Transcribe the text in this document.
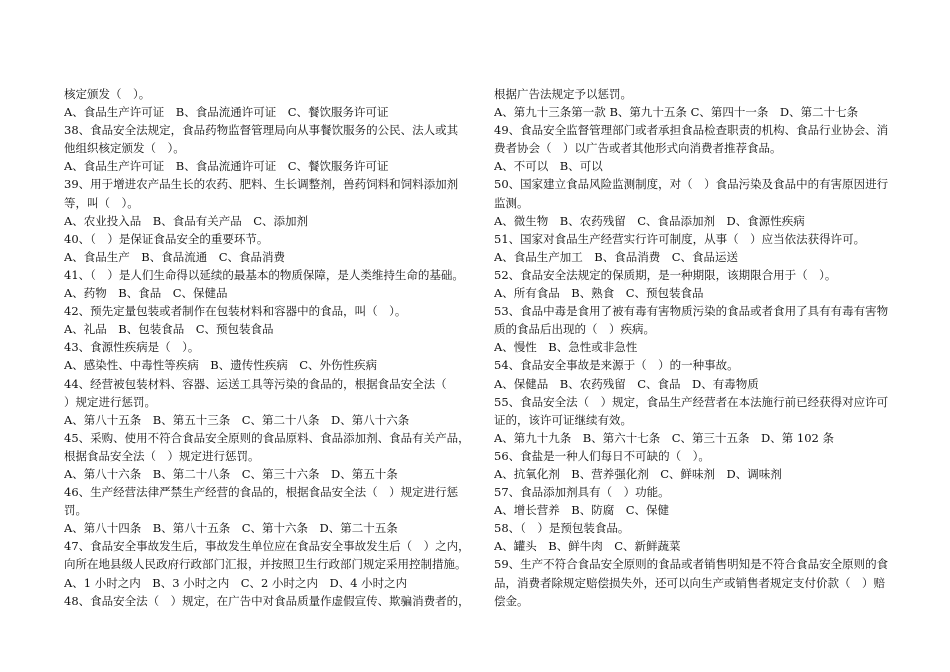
核定颁发（　）。
A、食品生产许可证　B、食品流通许可证　C、餐饮服务许可证
38、食品安全法规定，食品药物监督管理局向从事餐饮服务的公民、法人或其
他组织核定颁发（　）。
A、食品生产许可证　B、食品流通许可证　C、餐饮服务许可证
39、用于增进农产品生长的农药、肥料、生长调整剂，兽药饲料和饲料添加剂
等，叫（　）。
A、农业投入品　B、食品有关产品　C、添加剂
40、（　）是保证食品安全的重要环节。
A、食品生产　B、食品流通　C、食品消费
41、（　）是人们生命得以延续的最基本的物质保障，是人类维持生命的基础。
A、药物　B、食品　C、保健品
42、预先定量包装或者制作在包装材料和容器中的食品，叫（　）。
A、礼品　B、包装食品　C、预包装食品
43、食源性疾病是（　）。
A、感染性、中毒性等疾病　B、遗传性疾病　C、外伤性疾病
44、经营被包装材料、容器、运送工具等污染的食品的，根据食品安全法（
）规定进行惩罚。
A、第八十五条　B、第五十三条　C、第二十八条　D、第八十六条
45、采购、使用不符合食品安全原则的食品原料、食品添加剂、食品有关产品，
根据食品安全法（　）规定进行惩罚。
A、第八十六条　B、第二十八条　C、第三十六条　D、第五十条
46、生产经营法律严禁生产经营的食品的，根据食品安全法（　）规定进行惩
罚。
A、第八十四条　B、第八十五条　C、第十六条　D、第二十五条
47、食品安全事故发生后，事故发生单位应在食品安全事故发生后（　）之内，
向所在地县级人民政府行政部门汇报，并按照卫生行政部门规定采用控制措施。
A、1 小时之内　B、3 小时之内　C、2 小时之内　D、4 小时之内
48、食品安全法（　）规定，在广告中对食品质量作虚假宣传、欺骗消费者的，
根据广告法规定予以惩罚。
A、第九十三条第一款 B、第九十五条 C、第四十一条　D、第二十七条
49、食品安全监督管理部门或者承担食品检查职责的机构、食品行业协会、消
费者协会（　）以广告或者其他形式向消费者推荐食品。
A、不可以　B、可以
50、国家建立食品风险监测制度，对（　）食品污染及食品中的有害原因进行
监测。
A、微生物　B、农药残留　C、食品添加剂　D、食源性疾病
51、国家对食品生产经营实行许可制度，从事（　）应当依法获得许可。
A、食品生产加工　B、食品消费　C、食品运送
52、食品安全法规定的保质期，是一种期限，该期限合用于（　）。
A、所有食品　B、熟食　C、预包装食品
53、食品中毒是食用了被有毒有害物质污染的食品或者食用了具有有毒有害物
质的食品后出现的（　）疾病。
A、慢性　B、急性或非急性
54、食品安全事故是来源于（　）的一种事故。
A、保健品　B、农药残留　C、食品　D、有毒物质
55、食品安全法（　）规定，食品生产经营者在本法施行前已经获得对应许可
证的，该许可证继续有效。
A、第九十九条　B、第六十七条　C、第三十五条　D、第 102 条
56、食盐是一种人们每日不可缺的（　）。
A、抗氧化剂　B、营养强化剂　C、鲜味剂　D、调味剂
57、食品添加剂具有（　）功能。
A、增长营养　B、防腐　C、保健
58、（　）是预包装食品。
A、罐头　B、鲜牛肉　C、新鲜蔬菜
59、生产不符合食品安全原则的食品或者销售明知是不符合食品安全原则的食
品，消费者除规定赔偿损失外，还可以向生产或销售者规定支付价款（　）赔
偿金。
